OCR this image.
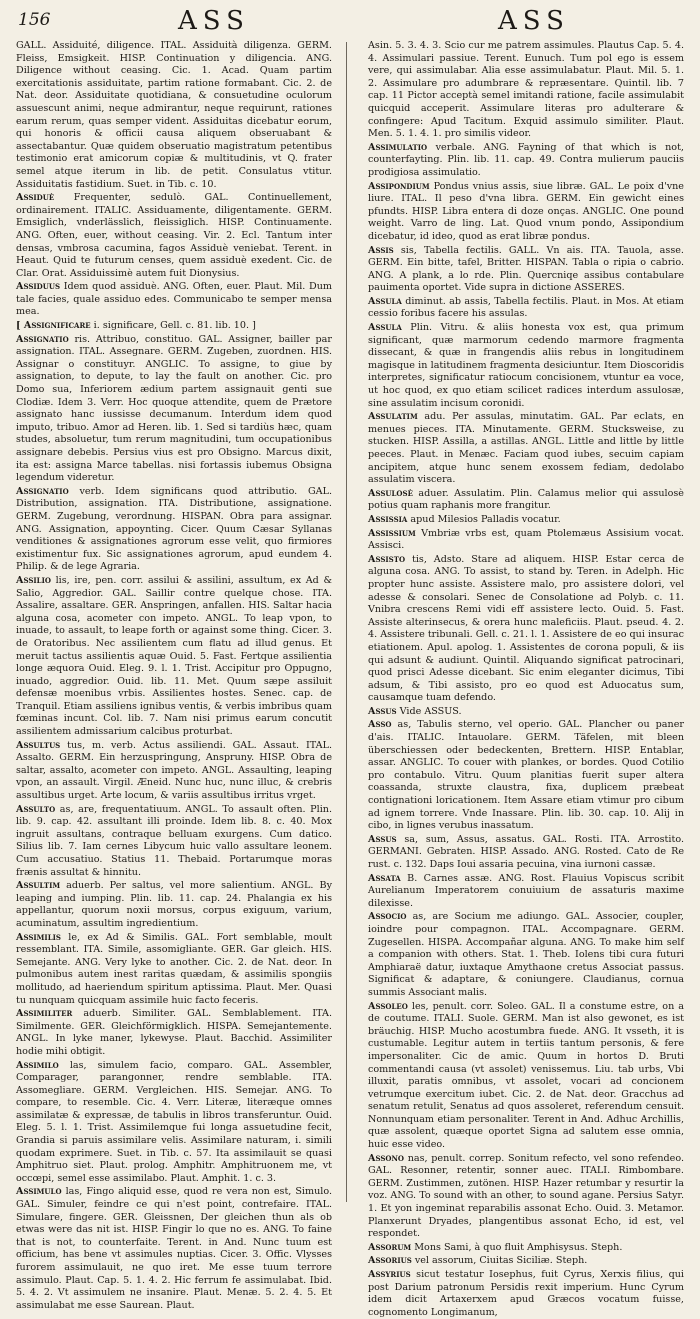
156	ASS	ASS

GALL. Assiduité, diligence. ITAL. Assiduità diligenza. GERM. Fleiss, Emsigkeit. HISP. Continuation y diligencia. ANG. Diligence without ceasing. Cic. 1. Acad. Quam partim exercitationis assiduitate, partim ratione formabant. Cic. 2. de Nat. deor. Assiduitate quotidiana, & consuetudine oculorum assuescunt animi, neque admirantur, neque requirunt, rationes earum rerum, quas semper vident. Assiduitas dicebatur eorum, qui honoris & officii causa aliquem obseruabant & assectabantur. Quæ quidem obseruatio magistratum petentibus testimonio erat amicorum copiæ & multitudinis, vt Q. frater semel atque iterum in lib. de petit. Consulatus vtitur. Assiduitatis fastidium. Suet. in Tib. c. 10.

Assiduè Frequenter, sedulò. GAL. Continuellement, ordinairement. ITALIC. Assiduamente, diligentamente. GERM. Emsiglich, vnderlässlich, fleissiglich. HISP. Continuamente. ANG. Often, euer, without ceasing. Vir. 2. Ecl. Tantum inter densas, vmbrosa cacumina, fagos Assiduè veniebat. Terent. in Heaut. Quid te futurum censes, quem assiduè exedent. Cic. de Clar. Orat. Assiduissimè autem fuit Dionysius.

Assiduus Idem quod assiduè. ANG. Often, euer. Plaut. Mil. Dum tale facies, quale assiduo edes. Communicabo te semper mensa mea.

[ Assignificare i. significare, Gell. c. 81. lib. 10. ]

Assignatio ris. Attribuo, constituo. GAL. Assigner, bailler par assignation. ITAL. Assegnare. GERM. Zugeben, zuordnen. HIS. Assignar o constituyr. ANGLIC. To assigne, to giue by assignation, to depute, to lay the fault on another. Cic. pro Domo sua, Inferiorem ædium partem assignauit genti sue Clodiæ. Idem 3. Verr. Hoc quoque attendite, quem de Prætore assignato hanc iussisse decumanum. Interdum idem quod imputo, tribuo. Amor ad Heren. lib. 1. Sed si tardiùs hæc, quam studes, absoluetur, tum rerum magnitudini, tum occupationibus assignare debebis. Persius vius est pro Obsigno. Marcus dixit, ita est: assigna Marce tabellas. nisi fortassis iubemus Obsigna legendum videretur.

Assignatio verb. Idem significans quod attributio. GAL. Distribution, assignation. ITA. Distributione, assignatione. GERM. Zugebung, verordnung. HISPAN. Obra para assignar. ANG. Assignation, appoynting. Cicer. Quum Cæsar Syllanas venditiones & assignationes agrorum esse velit, quo firmiores existimentur fux. Sic assignationes agrorum, apud eundem 4. Philip. & de lege Agraria.

Assilio lis, ire, pen. corr. assilui & assilini, assultum, ex Ad & Salio, Aggredior. GAL. Saillir contre quelque chose. ITA. Assalire, assaltare. GER. Anspringen, anfallen. HIS. Saltar hacia alguna cosa, acometer con impeto. ANGL. To leap vpon, to inuade, to assault, to leape forth or against some thing. Cicer. 3. de Oratoribus. Nec assilientem cum flatu ad illud genus. Et meruit tactus assilientis aquæ Ouid. 5. Fast. Fertque assilientia longe æquora Ouid. Eleg. 9. l. 1. Trist. Accipitur pro Oppugno, inuado, aggredior. Ouid. lib. 11. Met. Quum sæpe assiluit defensæ moenibus vrbis. Assilientes hostes. Senec. cap. de Tranquil. Etiam assiliens ignibus ventis, & verbis imbribus quam fœminas incunt. Col. lib. 7. Nam nisi primus earum concutit assilientem admissarium calcibus proturbat.

Assultus tus, m. verb. Actus assiliendi. GAL. Assaut. ITAL. Assalto. GERM. Ein herzuspringung, Anspruny. HISP. Obra de saltar, assalto, acometer con impeto. ANGL. Assaulting, leaping vpon, an assault. Virgil. Æneid. Nunc huc, nunc illuc, & crebris assultibus urget. Arte locum, & variis assultibus irritus vrget.

Assulto as, are, frequentatiuum. ANGL. To assault often. Plin. lib. 9. cap. 42. assultant illi proinde. Idem lib. 8. c. 40. Mox ingruit assultans, contraque belluam exurgens. Cum datico. Silius lib. 7. Iam cernes Libycum huic vallo assultare leonem. Cum accusatiuo. Statius 11. Thebaid. Portarumque moras frænis assultat & hinnitu.

Assultim aduerb. Per saltus, vel more salientium. ANGL. By leaping and iumping. Plin. lib. 11. cap. 24. Phalangia ex his appellantur, quorum noxii morsus, corpus exiguum, varium, acuminatum, assultim ingredientium.

Assimilis le, ex Ad & Similis. GAL. Fort semblable, moult ressemblant. ITA. Simile, assomigliante. GER. Gar gleich. HIS. Semejante. ANG. Very lyke to another. Cic. 2. de Nat. deor. In pulmonibus autem inest raritas quædam, & assimilis spongiis mollitudo, ad haeriendum spiritum aptissima. Plaut. Mer. Quasi tu nunquam quicquam assimile huic facto feceris.

Assimiliter aduerb. Similiter. GAL. Semblablement. ITA. Similmente. GER. Gleichförmigklich. HISPA. Semejantemente. ANGL. In lyke maner, lykewyse. Plaut. Bacchid. Assimiliter hodie mihi obtigit.

Assimilo las, simulem facio, comparo. GAL. Assembler, Comparager, parangonner, rendre semblable. ITA. Assomegliare. GERM. Vergleichen. HIS. Semejar. ANG. To compare, to resemble. Cic. 4. Verr. Literæ, literæque omnes assimilatæ & expressæ, de tabulis in libros transferuntur. Ouid. Eleg. 5. l. 1. Trist. Assimilemque fui longa assuetudine fecit, Grandia si paruis assimilare velis. Assimilare naturam, i. simili quodam exprimere. Suet. in Tib. c. 57. Ita assimilauit se quasi Amphitruo siet. Plaut. prolog. Amphitr. Amphitruonem me, vt occœpi, semel esse assimilabo. Plaut. Amphit. 1. c. 3.

Assimulo las, Fingo aliquid esse, quod re vera non est, Simulo. GAL. Simuler, feindre ce qui n'est point, contrefaire. ITAL. Simulare, fingere. GER. Gleissnen, Der gleichen thun als ob etwas were das nit ist. HISP. Fingir lo que no es. ANG. To faine that is not, to counterfaite. Terent. in And. Nunc tuum est officium, has bene vt assimules nuptias. Cicer. 3. Offic. Vlysses furorem assimulauit, ne quo iret. Me esse tuum terrore assimulo. Plaut. Cap. 5. 1. 4. 2. Hic ferrum fe assimulabat. Ibid. 5. 4. 2. Vt assimulem ne insanire. Plaut. Menæ. 5. 2. 4. 5. Et assimulabat me esse Saurean. Plaut.

Asin. 5. 3. 4. 3. Scio cur me patrem assimules. Plautus Cap. 5. 4. 4. Assimulari passiue. Terent. Eunuch. Tum pol ego is essem vere, qui assimulabar. Alia esse assimulabatur. Plaut. Mil. 5. 1. 2. Assimulare pro adumbrare & repræsentare. Quintil. lib. 7 cap. 11 Pictor acceptà semel imitandi ratione, facile assimulabit quicquid acceperit. Assimulare literas pro adulterare & confingere: Apud Tacitum. Exquid assimulo similiter. Plaut. Men. 5. 1. 4. 1. pro similis videor.

Assimulatio verbale. ANG. Fayning of that which is not, counterfayting. Plin. lib. 11. cap. 49. Contra mulierum pauciis prodigiosa assimulatio.

Assipondium Pondus vnius assis, siue libræ. GAL. Le poix d'vne liure. ITAL. Il peso d'vna libra. GERM. Ein gewicht eines pfundts. HISP. Libra entera di doze onças. ANGLIC. One pound weight. Varro de ling. Lat. Quod vnum pondo, Assipondium dicebatur, id ideo, quod as erat libræ pondus.

Assis sis, Tabella fectilis. GALL. Vn ais. ITA. Tauola, asse. GERM. Ein bitte, tafel, Britter. HISPAN. Tabla o ripia o cabrio. ANG. A plank, a lo rde. Plin. Quercniqe assibus contabulare pauimenta oportet. Vide supra in dictione ASSERES.

Assula diminut. ab assis, Tabella fectilis. Plaut. in Mos. At etiam cessio foribus facere his assulas.

Assula Plin. Vitru. & aliis honesta vox est, qua primum significant, quæ marmorum cedendo marmore fragmenta dissecant, & quæ in frangendis aliis rebus in longitudinem magisque in latitudinem fragmenta desiciuntur. Item Dioscoridis interpretes, significatur ratiocum concisionem, vtuntur ea voce, ut hoc quod, ex quo etiam scilicet radices interdum assulosæ, sine assulatim incisum coronidi.

Assulatim adu. Per assulas, minutatim. GAL. Par eclats, en menues pieces. ITA. Minutamente. GERM. Stucksweise, zu stucken. HISP. Assilla, a astillas. ANGL. Little and little by little peeces. Plaut. in Menæc. Faciam quod iubes, secuim capiam ancipitem, atque hunc senem exossem fediam, dedolabo assulatim viscera.

Assulosè aduer. Assulatim. Plin. Calamus melior qui assulosè potius quam raphanis more frangitur.

Assissia apud Milesios Palladis vocatur.

Assissium Vmbriæ vrbs est, quam Ptolemæus Assisium vocat. Assisci.

Assisto tis, Adsto. Stare ad aliquem. HISP. Estar cerca de alguna cosa. ANG. To assist, to stand by. Teren. in Adelph. Hic propter hunc assiste. Assistere malo, pro assistere dolori, vel adesse & consolari. Senec de Consolatione ad Polyb. c. 11. Vnibra crescens Remi vidi eff assistere lecto. Ouid. 5. Fast. Assiste alterinsecus, & orera hunc maleficiis. Plaut. pseud. 4. 2. 4. Assistere tribunali. Gell. c. 21. l. 1. Assistere de eo qui insurac etiationem. Apul. apolog. 1. Assistentes de corona populi, & iis qui adsunt & audiunt. Quintil. Aliquando significat patrocinari, quod prisci Adesse dicebant. Sic enim eleganter dicimus, Tibi adsum, & Tibi assisto, pro eo quod est Aduocatus sum, causamque tuam defendo.

Assus Vide ASSUS.

Asso as, Tabulis sterno, vel operio. GAL. Plancher ou paner d'ais. ITALIC. Intauolare. GERM. Täfelen, mit bleen überschiessen oder bedeckenten, Brettern. HISP. Entablar, assar. ANGLIC. To couer with plankes, or bordes. Quod Cotilio pro contabulo. Vitru. Quum planitias fuerit super altera coassanda, struxte claustra, fixa, duplicem præbeat contignationi loricationem. Item Assare etiam vtimur pro cibum ad ignem torrere. Vnde Inassare. Plin. lib. 30. cap. 10. Alij in cibo, in lignes verubus inassatum.

Assus sa, sum, Assus, assatus. GAL. Rosti. ITA. Arrostito. GERMANI. Gebraten. HISP. Assado. ANG. Rosted. Cato de Re rust. c. 132. Daps Ioui assaria pecuina, vina iurnoni cassæ.

Assata B. Carnes assæ. ANG. Rost. Flauius Vopiscus scribit Aurelianum Imperatorem conuiuium de assaturis maxime dilexisse.

Associo as, are Socium me adiungo. GAL. Associer, coupler, ioindre pour compagnon. ITAL. Accompagnare. GERM. Zugesellen. HISPA. Accompañar alguna. ANG. To make him self a companion with others. Stat. 1. Theb. Iolens tibi cura futuri Amphiaraë datur, iuxtaque Amythaone cretus Associat passus. Significat & adaptare, & coniungere. Claudianus, cornua summis Associant malis.

Assoleo les, penult. corr. Soleo. GAL. Il a constume estre, on a de coutume. ITALI. Suole. GERM. Man ist also gewonet, es ist bräuchig. HISP. Mucho acostumbra fuede. ANG. It vsseth, it is custumable. Legitur autem in tertiis tantum personis, & fere impersonaliter. Cic de amic. Quum in hortos D. Bruti commentandi causa (vt assolet) venissemus. Liu. tab urbs, Vbi illuxit, paratis omnibus, vt assolet, vocari ad concionem vetrumque exercitum iubet. Cic. 2. de Nat. deor. Gracchus ad senatum retulit, Senatus ad quos assoleret, referendum censuit. Nonnunquam etiam personaliter. Terent in And. Adhuc Archillis, quæ assolent, quæque oportet Signa ad salutem esse omnia, huic esse video.

Assono nas, penult. correp. Sonitum refecto, vel sono refendeo. GAL. Resonner, retentir, sonner auec. ITALI. Rimbombare. GERM. Zustimmen, zutönen. HISP. Hazer retumbar y resurtir la voz. ANG. To sound with an other, to sound agane. Persius Satyr. 1. Et yon ingeminat reparabilis assonat Echo. Ouid. 3. Metamor. Planxerunt Dryades, plangentibus assonat Echo, id est, vel respondet.

Assorum Mons Sami, à quo fluit Amphisysus. Steph.

Assorius vel assorum, Ciuitas Siciliæ. Steph.

Assyrius sicut testatur Iosephus, fuit Cyrus, Xerxis filius, qui post Darium patronum Persidis rexit imperium. Hunc Cyrum idem dicit Artaxerxem apud Græcos vocatum fuisse, cognomento Longimanum,
